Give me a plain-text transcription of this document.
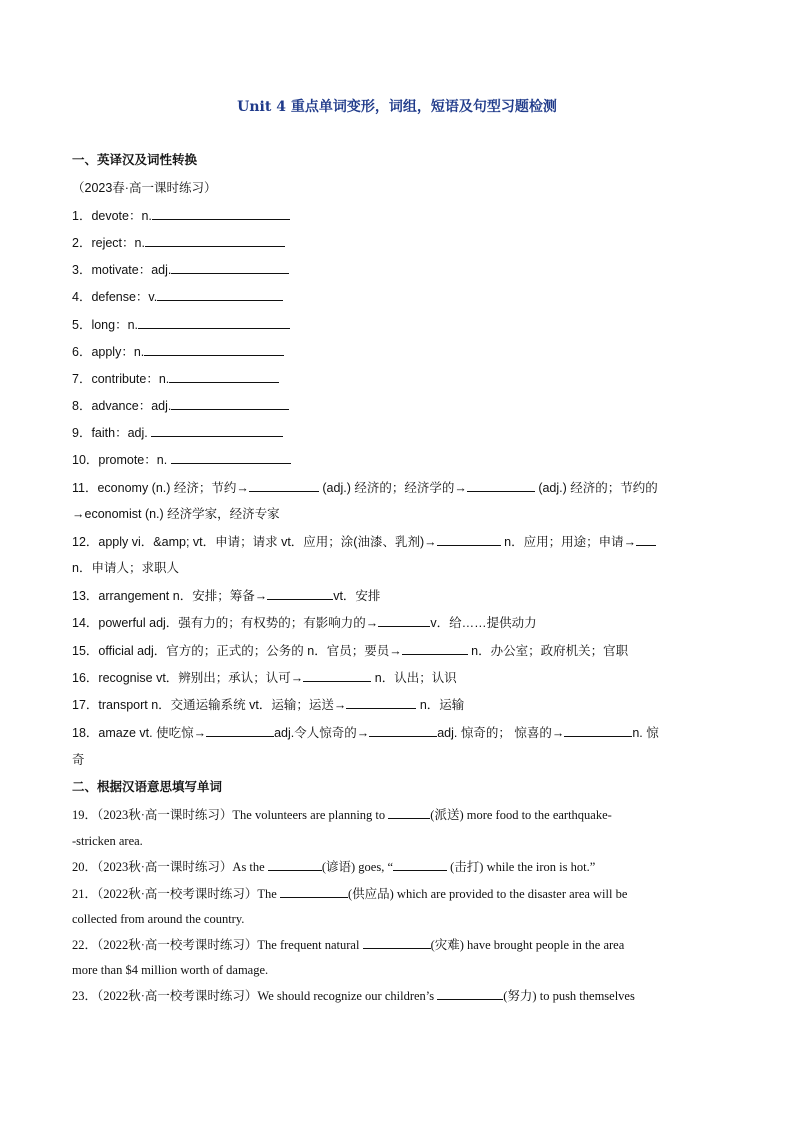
Unit 4 重点单词变形，词组，短语及句型习题检测
一、英译汉及词性转换
（2023春·高一课时练习）
1．devote：n.
2．reject：n.
3．motivate：adj.
4．defense：v.
5．long：n.
6．apply：n.
7．contribute：n.
8．advance：adj.
9．faith：adj.
10．promote：n.
11．economy (n.) 经济；节约→	(adj.) 经济的；经济学的→	(adj.) 经济的；节约的
→economist (n.) 经济学家，经济专家
12．apply vi．&amp; vt．申请；请求 vt．应用；涂(油漆、乳剂)→	n．应用；用途；申请→
n．申请人；求职人
13．arrangement n．安排；筹备→	vt．安排
14．powerful adj．强有力的；有权势的；有影响力的→	v．给……提供动力
15．official adj．官方的；正式的；公务的 n．官员；要员→	n．办公室；政府机关；官职
16．recognise vt．辨别出；承认；认可→	n．认出；认识
17．transport n．交通运输系统 vt．运输；运送→	n．运输
18．amaze vt. 使吃惊→	adj.令人惊奇的→	adj. 惊奇的； 惊喜的→	n. 惊
奇
二、根据汉语意思填写单词
19．（2023秋·高一课时练习）The volunteers are planning to	(派送) more food to the earthquake-
-stricken area.
20．（2023秋·高一课时练习）As the	(谚语) goes, “	(击打) while the iron is hot.”
21．（2022秋·高一校考课时练习）The	(供应品) which are provided to the disaster area will be
collected from around the country.
22．（2022秋·高一校考课时练习）The frequent natural	(灾难) have brought people in the area
more than $4 million worth of damage.
23．（2022秋·高一校考课时练习）We should recognize our children’s	(努力) to push themselves
